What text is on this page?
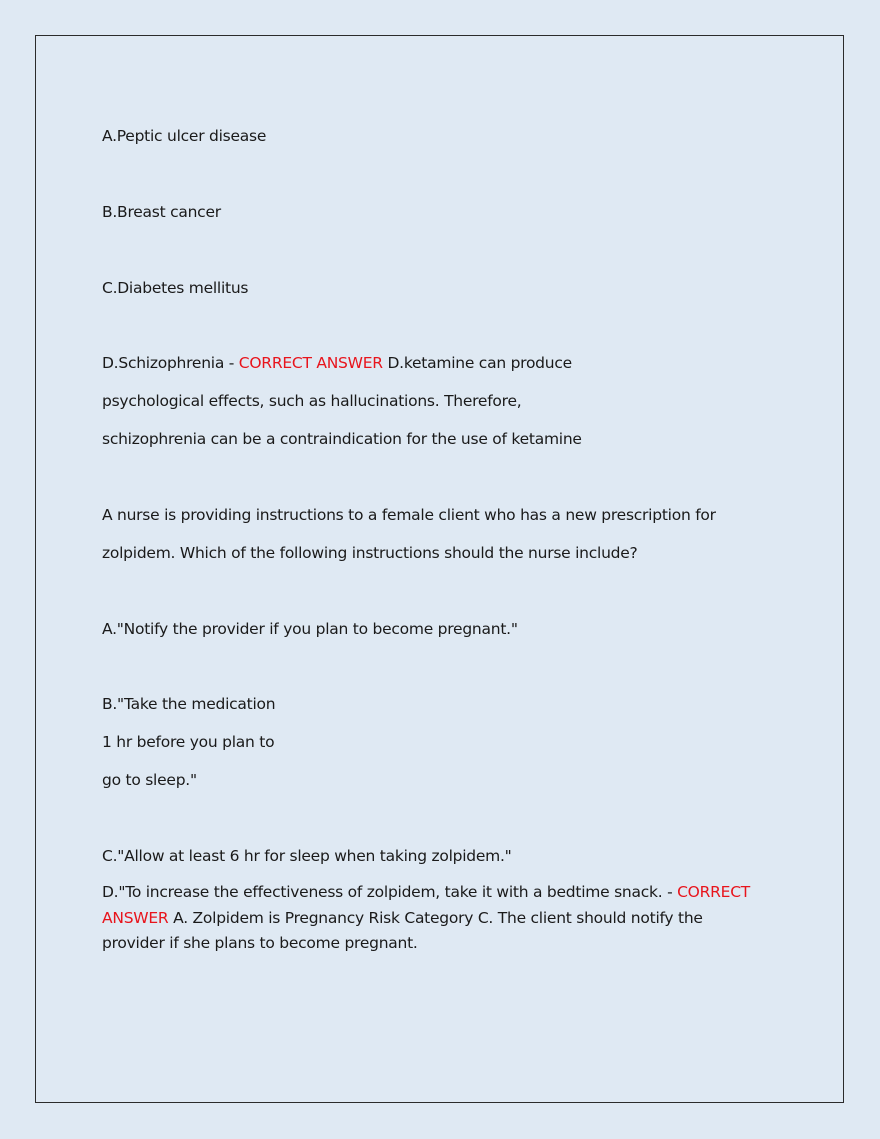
A.Peptic ulcer disease
B.Breast cancer
C.Diabetes mellitus
D.Schizophrenia - CORRECT ANSWER D.ketamine can produce
psychological effects, such as hallucinations. Therefore,
schizophrenia can be a contraindication for the use of ketamine
A nurse is providing instructions to a female client who has a new prescription for
zolpidem. Which of the following instructions should the nurse include?
A."Notify the provider if you plan to become pregnant."
B."Take the medication
1 hr before you plan to
go to sleep."
C."Allow at least 6 hr for sleep when taking zolpidem."
D."To increase the effectiveness of zolpidem, take it with a bedtime snack. - CORRECT ANSWER A. Zolpidem is Pregnancy Risk Category C. The client should notify the provider if she plans to become pregnant.
